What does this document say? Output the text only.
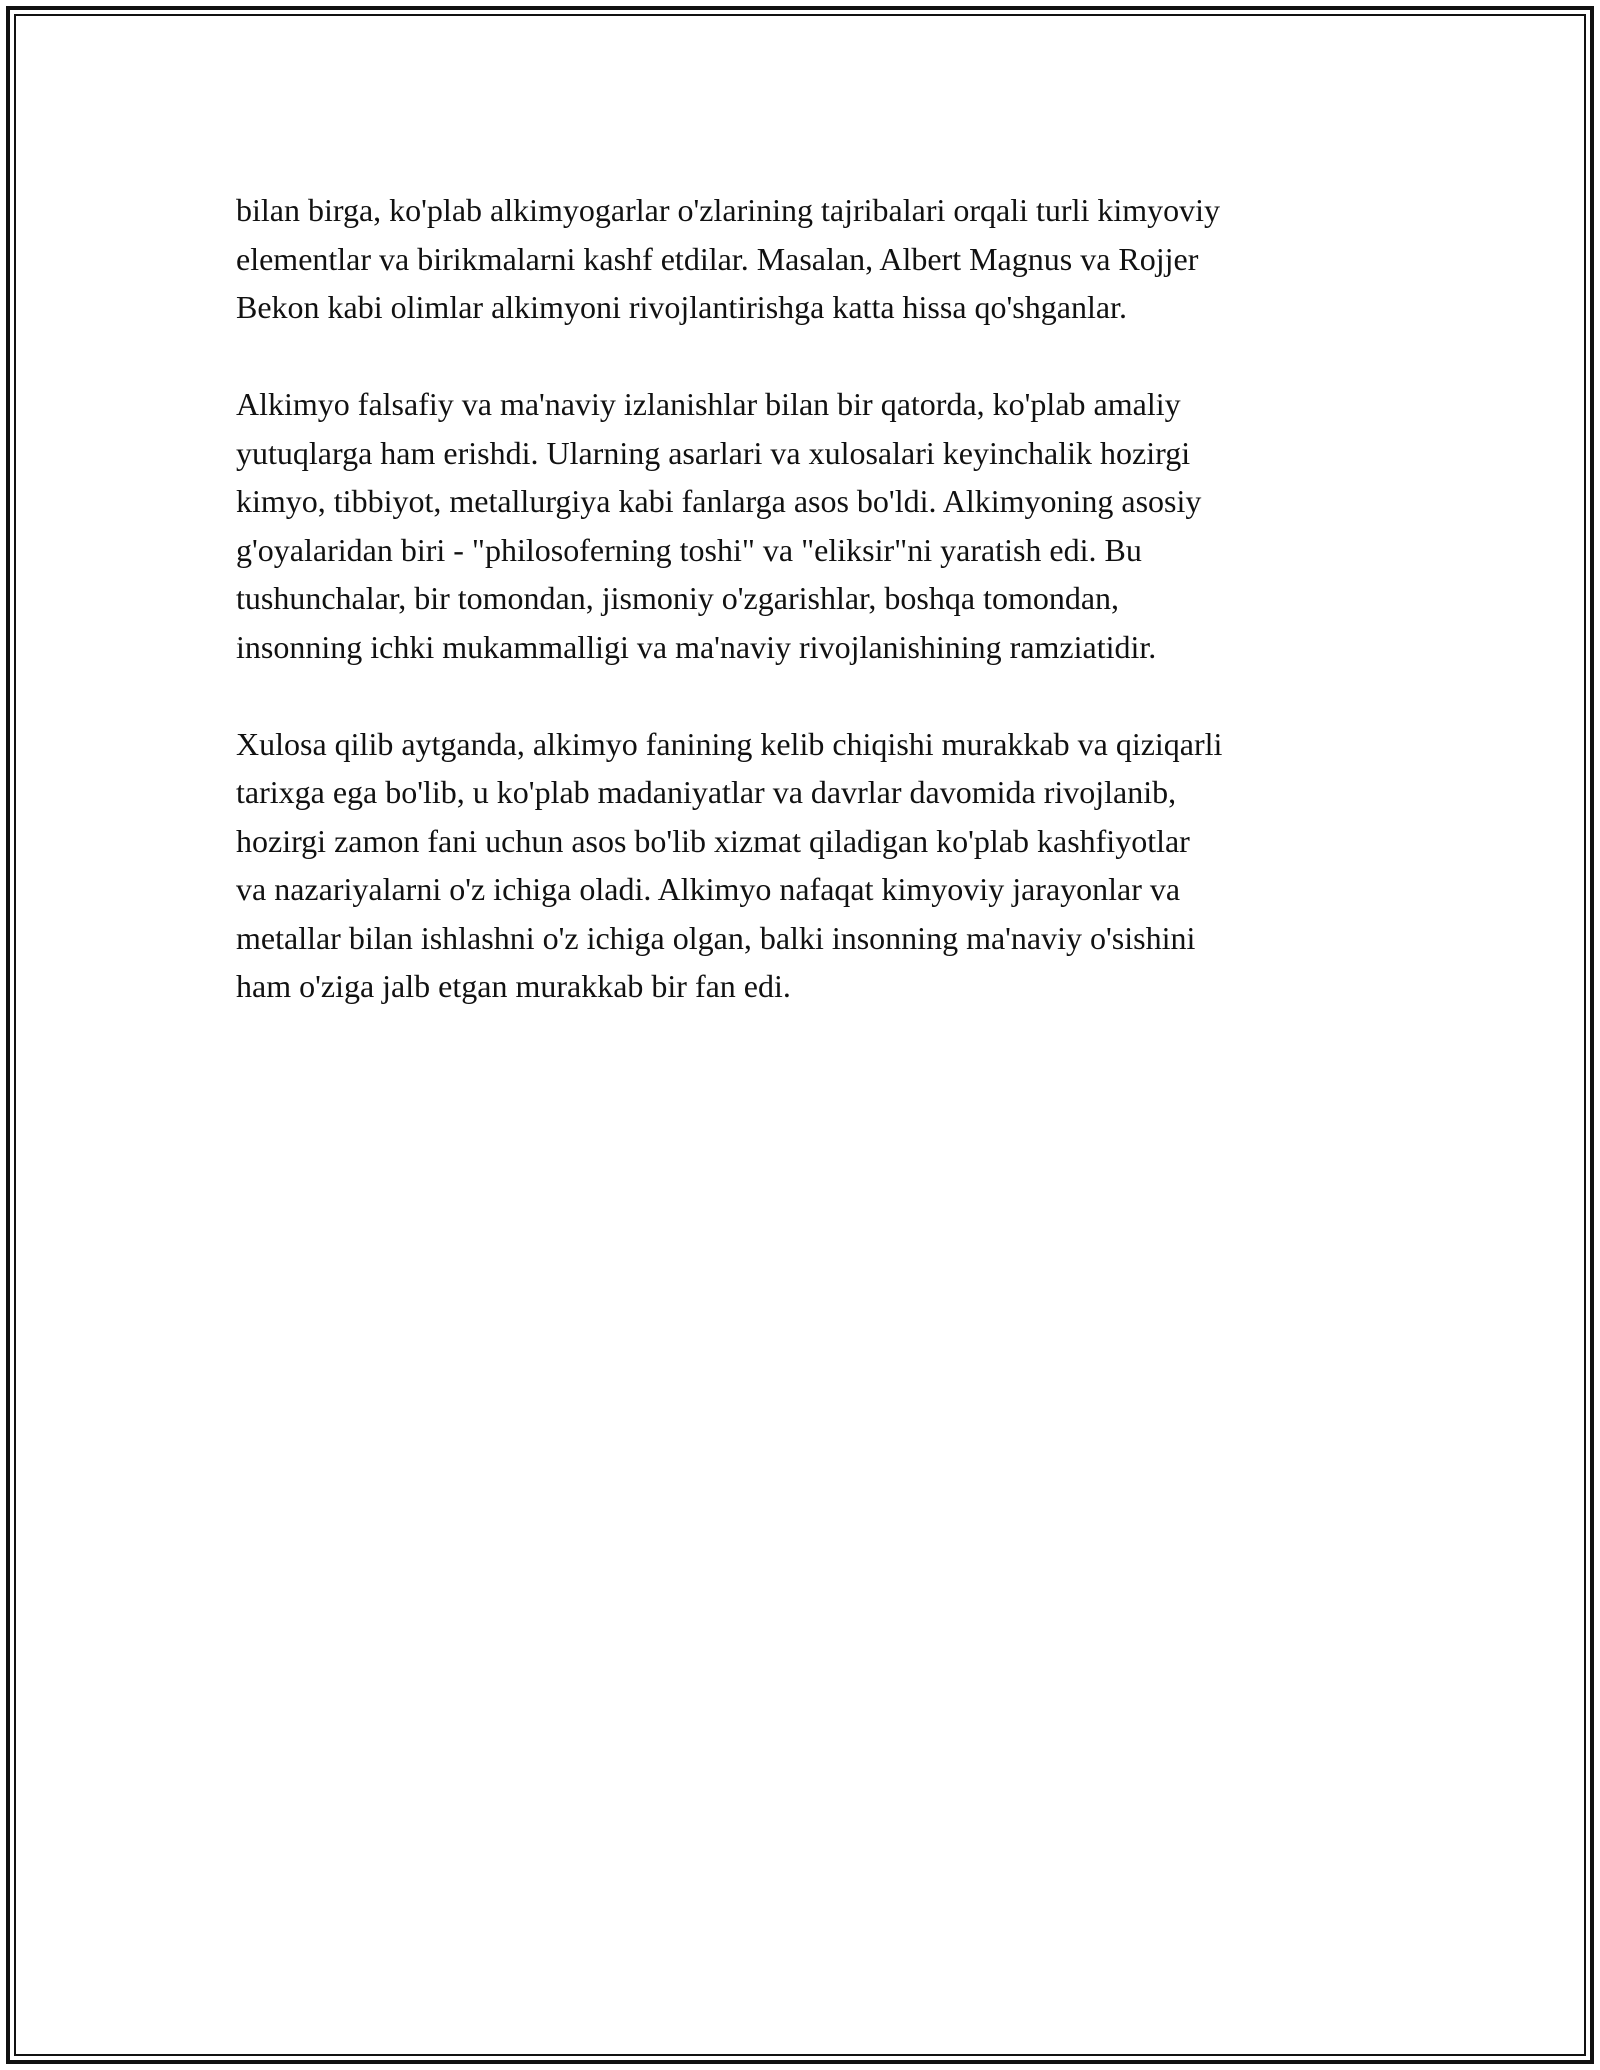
bilan birga, ko'plab alkimyogarlar o'zlarining tajribalari orqali turli kimyoviy
elementlar va birikmalarni kashf etdilar. Masalan, Albert Magnus va Rojjer
Bekon kabi olimlar alkimyoni rivojlantirishga katta hissa qo'shganlar.

Alkimyo falsafiy va ma'naviy izlanishlar bilan bir qatorda, ko'plab amaliy
yutuqlarga ham erishdi. Ularning asarlari va xulosalari keyinchalik hozirgi
kimyo, tibbiyot, metallurgiya kabi fanlarga asos bo'ldi. Alkimyoning asosiy
g'oyalaridan biri - "philosoferning toshi" va "eliksir"ni yaratish edi. Bu
tushunchalar, bir tomondan, jismoniy o'zgarishlar, boshqa tomondan,
insonning ichki mukammalligi va ma'naviy rivojlanishining ramziatidir.

Xulosa qilib aytganda, alkimyo fanining kelib chiqishi murakkab va qiziqarli
tarixga ega bo'lib, u ko'plab madaniyatlar va davrlar davomida rivojlanib,
hozirgi zamon fani uchun asos bo'lib xizmat qiladigan ko'plab kashfiyotlar
va nazariyalarni o'z ichiga oladi. Alkimyo nafaqat kimyoviy jarayonlar va
metallar bilan ishlashni o'z ichiga olgan, balki insonning ma'naviy o'sishini
ham o'ziga jalb etgan murakkab bir fan edi.
